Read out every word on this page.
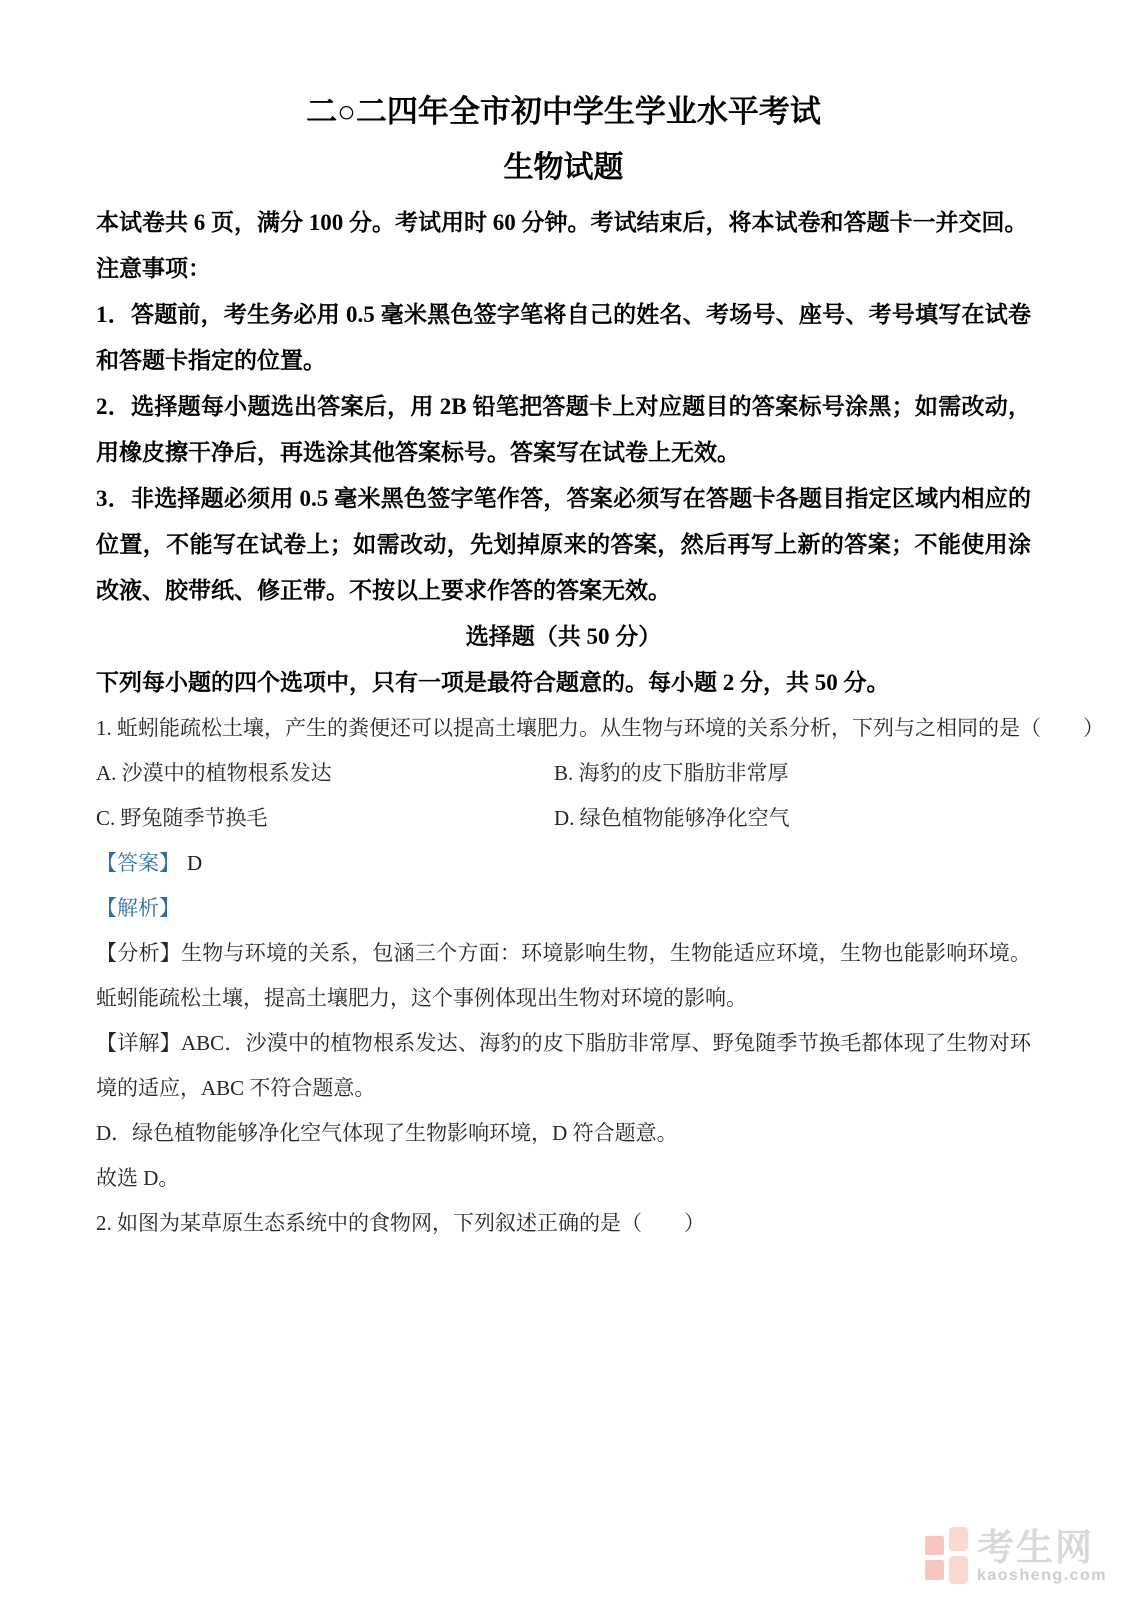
二○二四年全市初中学生学业水平考试
生物试题

本试卷共 6 页，满分 100 分。考试用时 60 分钟。考试结束后，将本试卷和答题卡一并交回。

注意事项：

1．答题前，考生务必用 0.5 毫米黑色签字笔将自己的姓名、考场号、座号、考号填写在试卷和答题卡指定的位置。

2．选择题每小题选出答案后，用 2B 铅笔把答题卡上对应题目的答案标号涂黑；如需改动，用橡皮擦干净后，再选涂其他答案标号。答案写在试卷上无效。

3．非选择题必须用 0.5 毫米黑色签字笔作答，答案必须写在答题卡各题目指定区域内相应的位置，不能写在试卷上；如需改动，先划掉原来的答案，然后再写上新的答案；不能使用涂改液、胶带纸、修正带。不按以上要求作答的答案无效。

选择题（共 50 分）

下列每小题的四个选项中，只有一项是最符合题意的。每小题 2 分，共 50 分。

1. 蚯蚓能疏松土壤，产生的粪便还可以提高土壤肥力。从生物与环境的关系分析，下列与之相同的是（　　）

A. 沙漠中的植物根系发达	B. 海豹的皮下脂肪非常厚
C. 野兔随季节换毛	D. 绿色植物能够净化空气

【答案】 D

【解析】

【分析】生物与环境的关系，包涵三个方面：环境影响生物，生物能适应环境，生物也能影响环境。蚯蚓能疏松土壤，提高土壤肥力，这个事例体现出生物对环境的影响。

【详解】ABC．沙漠中的植物根系发达、海豹的皮下脂肪非常厚、野兔随季节换毛都体现了生物对环境的适应，ABC 不符合题意。

D．绿色植物能够净化空气体现了生物影响环境，D 符合题意。

故选 D。

2. 如图为某草原生态系统中的食物网，下列叙述正确的是（　　）

考生网
kaosheng.com
